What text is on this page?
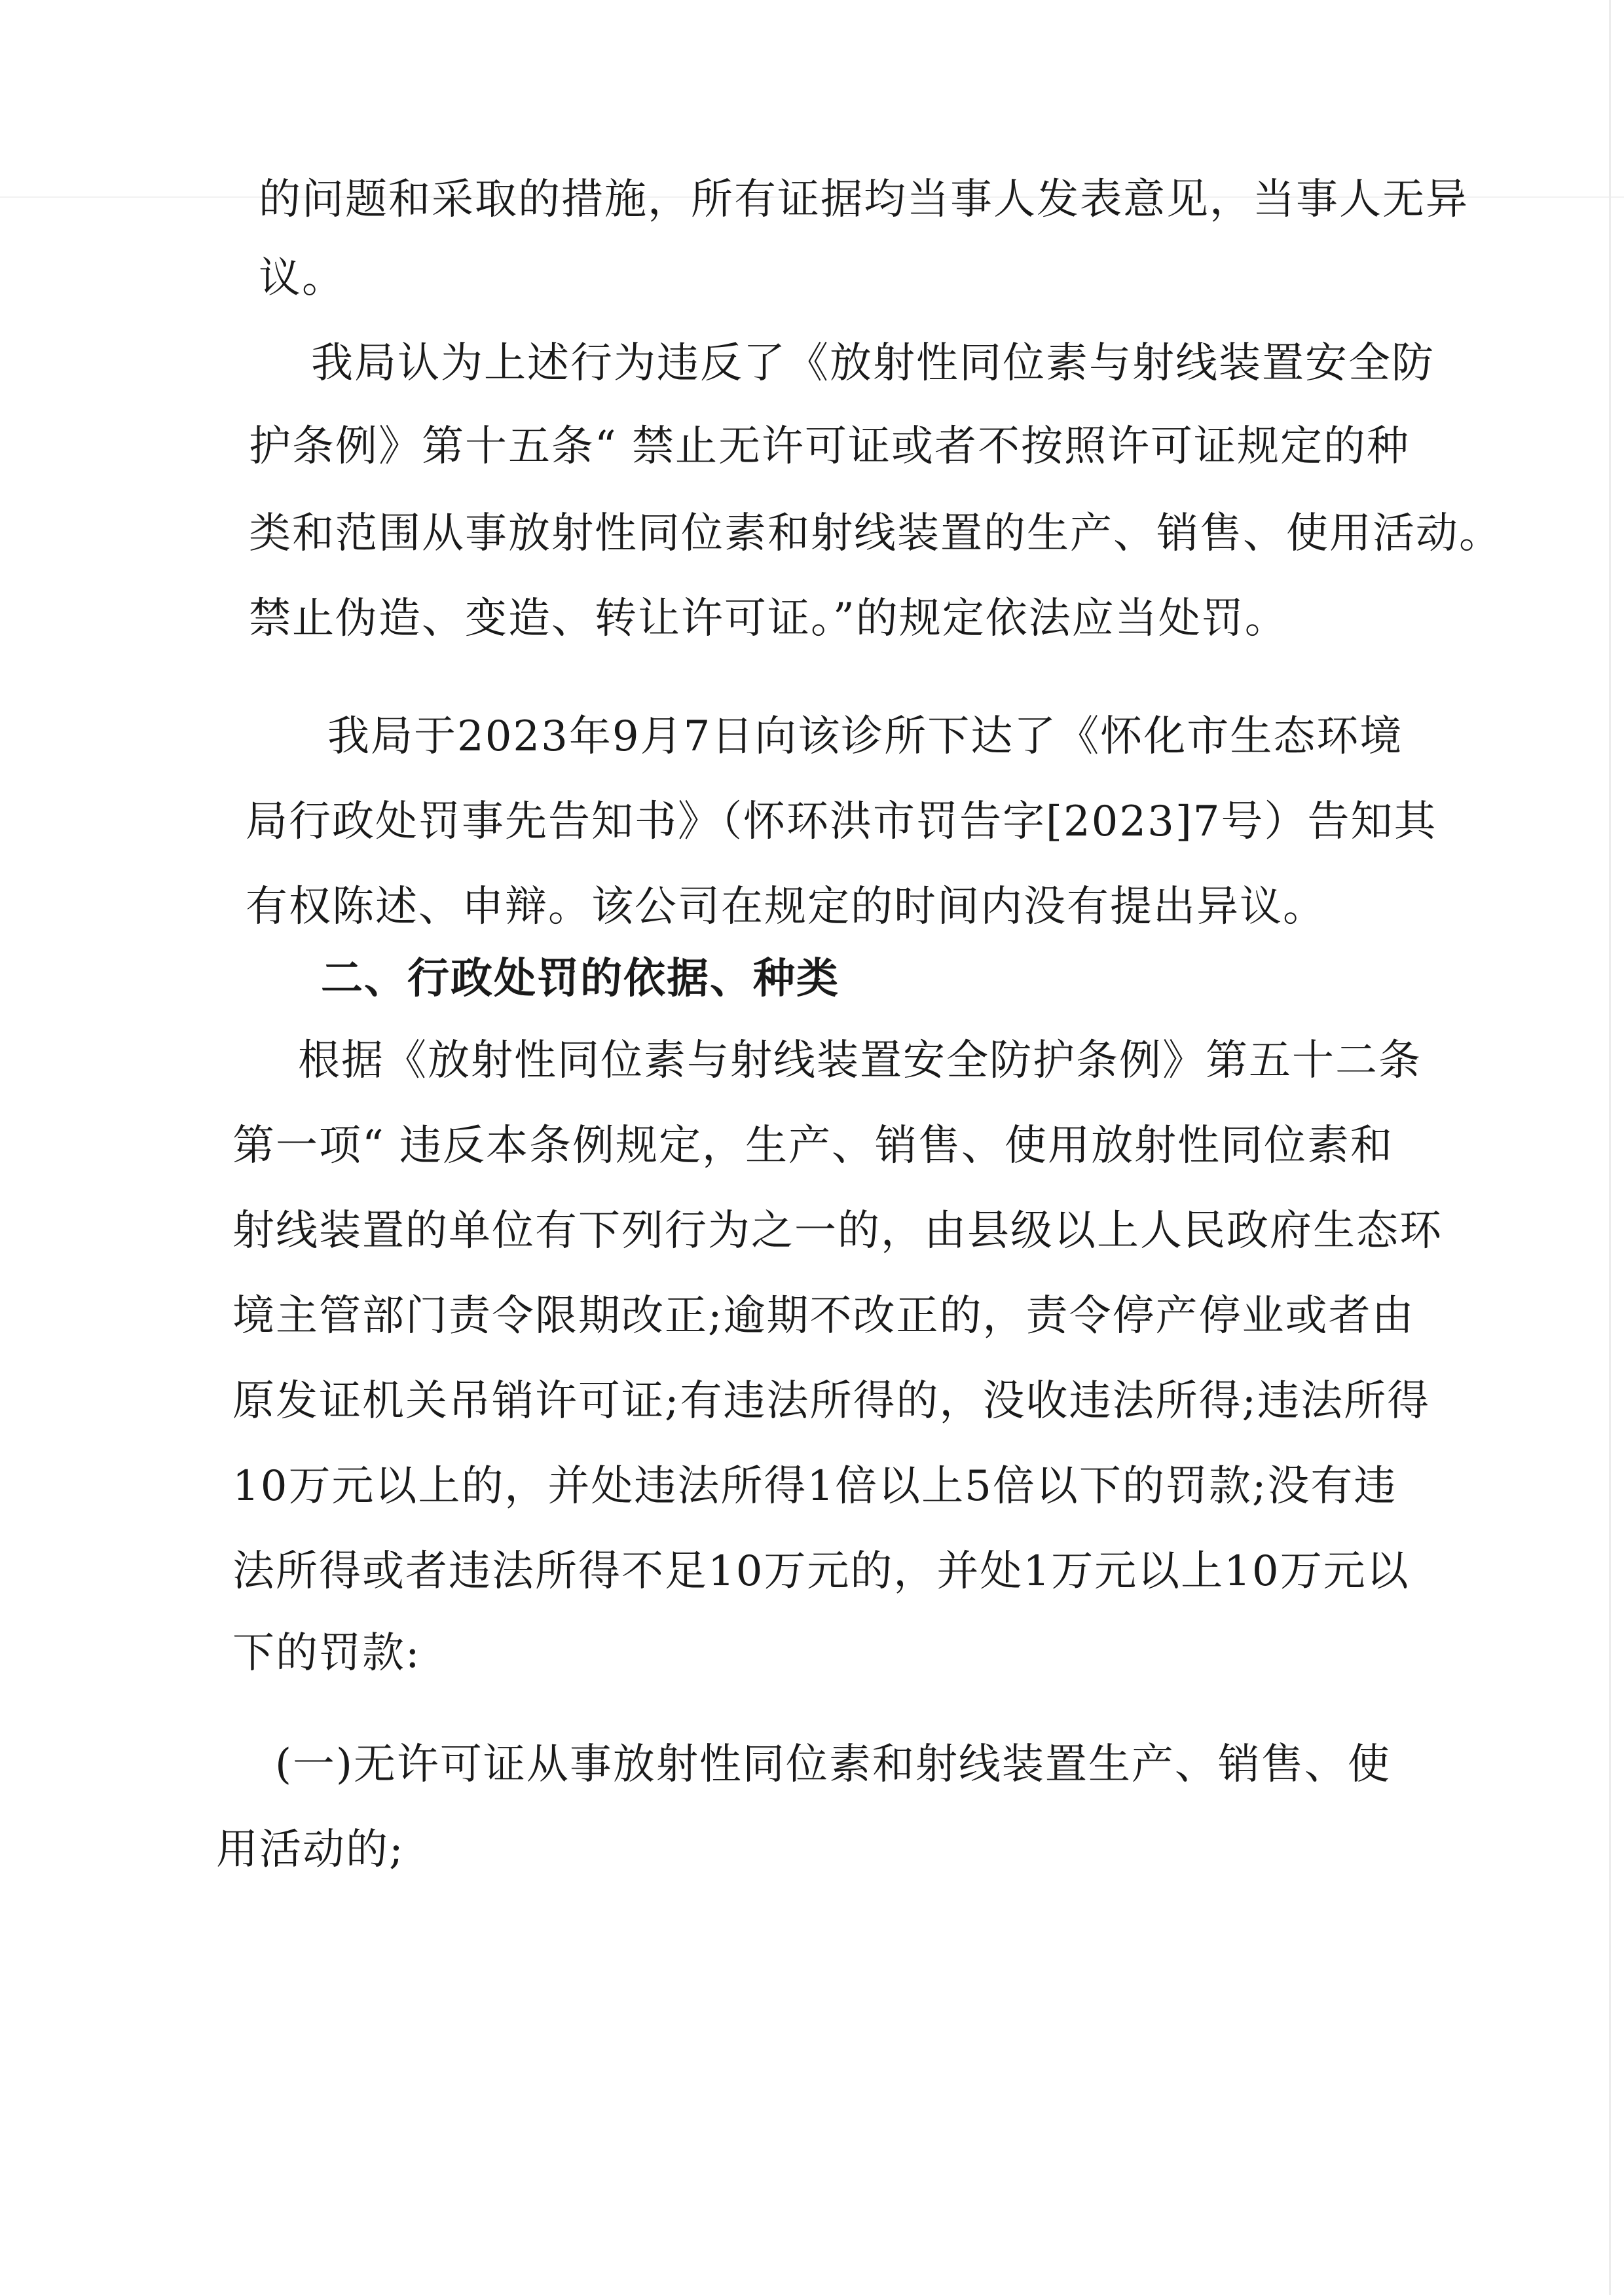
的问题和采取的措施，所有证据均当事人发表意见，当事人无异
议。
我局认为上述行为违反了《放射性同位素与射线装置安全防
护条例》第十五条“ 禁止无许可证或者不按照许可证规定的种
类和范围从事放射性同位素和射线装置的生产、销售、使用活动。
禁止伪造、变造、转让许可证。”的规定依法应当处罚。
我局于2023年9月7日向该诊所下达了《怀化市生态环境
局行政处罚事先告知书》（怀环洪市罚告字[2023]7号）告知其
有权陈述、申辩。该公司在规定的时间内没有提出异议。
二、行政处罚的依据、种类
根据《放射性同位素与射线装置安全防护条例》第五十二条
第一项“ 违反本条例规定，生产、销售、使用放射性同位素和
射线装置的单位有下列行为之一的，由县级以上人民政府生态环
境主管部门责令限期改正;逾期不改正的，责令停产停业或者由
原发证机关吊销许可证;有违法所得的，没收违法所得;违法所得
10万元以上的，并处违法所得1倍以上5倍以下的罚款;没有违
法所得或者违法所得不足10万元的，并处1万元以上10万元以
下的罚款:
(一)无许可证从事放射性同位素和射线装置生产、销售、使
用活动的;
